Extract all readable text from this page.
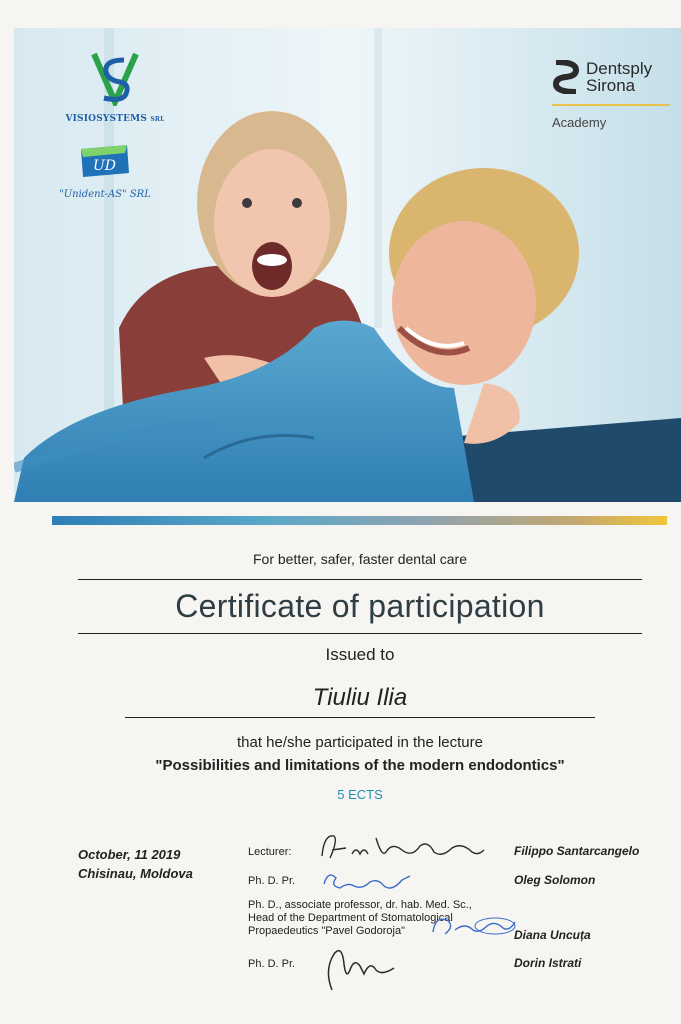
VISIOSYSTEMS SRL
UD
"Unident-AS" SRL
Dentsply
Sirona
Academy
For better, safer, faster dental care
Certificate of participation
Issued to
Tiuliu Ilia
that he/she participated in the lecture
"Possibilities and limitations of the modern endodontics"
5 ECTS
October, 11 2019
Chisinau, Moldova
Lecturer:	Filippo Santarcangelo
Ph. D. Pr.	Oleg Solomon
Ph. D., associate professor, dr. hab. Med. Sc.,
Head of the Department of Stomatological
Propaedeutics "Pavel Godoroja"	Diana Uncuța
Ph. D. Pr.	Dorin Istrati
